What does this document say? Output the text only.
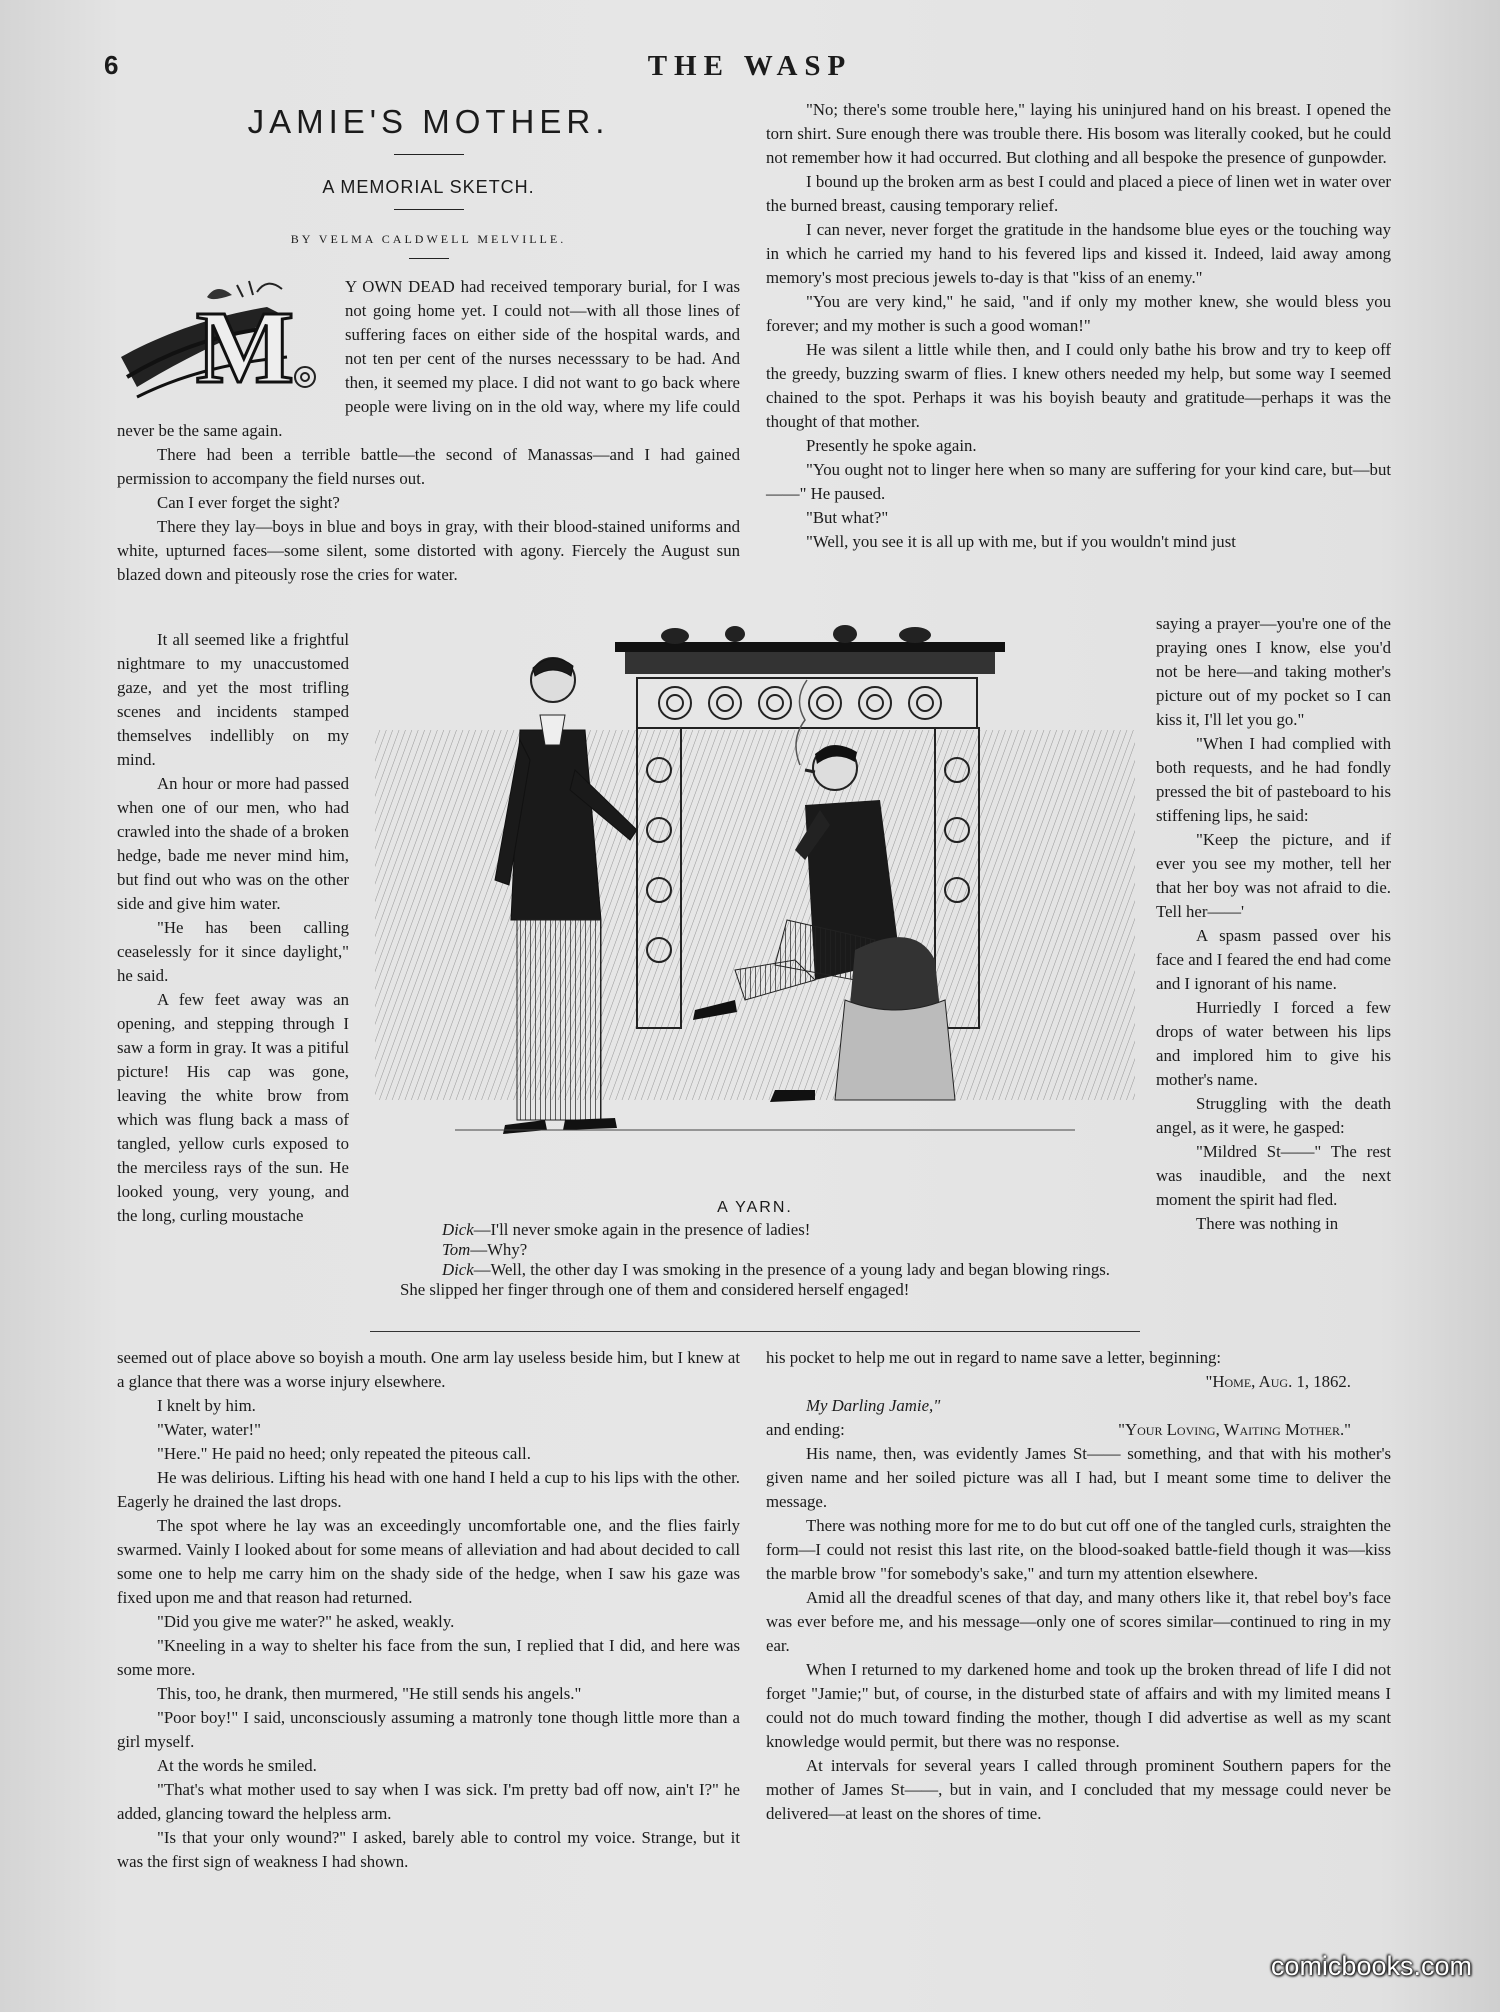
6	THE WASP
JAMIE'S MOTHER.
A MEMORIAL SKETCH.
BY VELMA CALDWELL MELVILLE.
M

Y OWN DEAD had received temporary burial, for I was not going home yet. I could not—with all those lines of suffering faces on either side of the hospital wards, and not ten per cent of the nurses necesssary to be had. And then, it seemed my place. I did not want to go back where people were living on in the old way, where my life could never be the same again.

There had been a terrible battle—the second of Manassas—and I had gained permission to accompany the field nurses out.

Can I ever forget the sight?

There they lay—boys in blue and boys in gray, with their blood-stained uniforms and white, upturned faces—some silent, some distorted with agony. Fiercely the August sun blazed down and piteously rose the cries for water.

It all seemed like a frightful nightmare to my unaccustomed gaze, and yet the most trifling scenes and incidents stamped themselves indellibly on my mind.

An hour or more had passed when one of our men, who had crawled into the shade of a broken hedge, bade me never mind him, but find out who was on the other side and give him water.

"He has been calling ceaselessly for it since daylight," he said.

A few feet away was an opening, and stepping through I saw a form in gray. It was a pitiful picture! His cap was gone, leaving the white brow from which was flung back a mass of tangled, yellow curls exposed to the merciless rays of the sun. He looked young, very young, and the long, curling moustache

"No; there's some trouble here," laying his uninjured hand on his breast. I opened the torn shirt. Sure enough there was trouble there. His bosom was literally cooked, but he could not remember how it had occurred. But clothing and all bespoke the presence of gunpowder.

I bound up the broken arm as best I could and placed a piece of linen wet in water over the burned breast, causing temporary relief.

I can never, never forget the gratitude in the handsome blue eyes or the touching way in which he carried my hand to his fevered lips and kissed it. Indeed, laid away among memory's most precious jewels to-day is that "kiss of an enemy."

"You are very kind," he said, "and if only my mother knew, she would bless you forever; and my mother is such a good woman!"

He was silent a little while then, and I could only bathe his brow and try to keep off the greedy, buzzing swarm of flies. I knew others needed my help, but some way I seemed chained to the spot. Perhaps it was his boyish beauty and gratitude—perhaps it was the thought of that mother.

Presently he spoke again.

"You ought not to linger here when so many are suffering for your kind care, but—but——" He paused.

"But what?"

"Well, you see it is all up with me, but if you wouldn't mind just

saying a prayer—you're one of the praying ones I know, else you'd not be here—and taking mother's picture out of my pocket so I can kiss it, I'll let you go."

"When I had complied with both requests, and he had fondly pressed the bit of pasteboard to his stiffening lips, he said:

"Keep the picture, and if ever you see my mother, tell her that her boy was not afraid to die. Tell her——'

A spasm passed over his face and I feared the end had come and I ignorant of his name.

Hurriedly I forced a few drops of water between his lips and implored him to give his mother's name.

Struggling with the death angel, as it were, he gasped:

"Mildred St——" The rest was inaudible, and the next moment the spirit had fled.

There was nothing in

A YARN.
Dick—I'll never smoke again in the presence of ladies!
Tom—Why?
Dick—Well, the other day I was smoking in the presence of a young lady and began blowing rings. She slipped her finger through one of them and considered herself engaged!

seemed out of place above so boyish a mouth. One arm lay useless beside him, but I knew at a glance that there was a worse injury elsewhere.

I knelt by him.

"Water, water!"

"Here." He paid no heed; only repeated the piteous call.

He was delirious. Lifting his head with one hand I held a cup to his lips with the other. Eagerly he drained the last drops.

The spot where he lay was an exceedingly uncomfortable one, and the flies fairly swarmed. Vainly I looked about for some means of alleviation and had about decided to call some one to help me carry him on the shady side of the hedge, when I saw his gaze was fixed upon me and that reason had returned.

"Did you give me water?" he asked, weakly.

"Kneeling in a way to shelter his face from the sun, I replied that I did, and here was some more.

This, too, he drank, then murmered, "He still sends his angels."

"Poor boy!" I said, unconsciously assuming a matronly tone though little more than a girl myself.

At the words he smiled.

"That's what mother used to say when I was sick. I'm pretty bad off now, ain't I?" he added, glancing toward the helpless arm.

"Is that your only wound?" I asked, barely able to control my voice. Strange, but it was the first sign of weakness I had shown.

his pocket to help me out in regard to name save a letter, beginning:

"Home, Aug. 1, 1862.

My Darling Jamie,"

and ending:	"Your Loving, Waiting Mother."

His name, then, was evidently James St—— something, and that with his mother's given name and her soiled picture was all I had, but I meant some time to deliver the message.

There was nothing more for me to do but cut off one of the tangled curls, straighten the form—I could not resist this last rite, on the blood-soaked battle-field though it was—kiss the marble brow "for somebody's sake," and turn my attention elsewhere.

Amid all the dreadful scenes of that day, and many others like it, that rebel boy's face was ever before me, and his message—only one of scores similar—continued to ring in my ear.

When I returned to my darkened home and took up the broken thread of life I did not forget "Jamie;" but, of course, in the disturbed state of affairs and with my limited means I could not do much toward finding the mother, though I did advertise as well as my scant knowledge would permit, but there was no response.

At intervals for several years I called through prominent Southern papers for the mother of James St——, but in vain, and I concluded that my message could never be delivered—at least on the shores of time.

comicbooks.com
